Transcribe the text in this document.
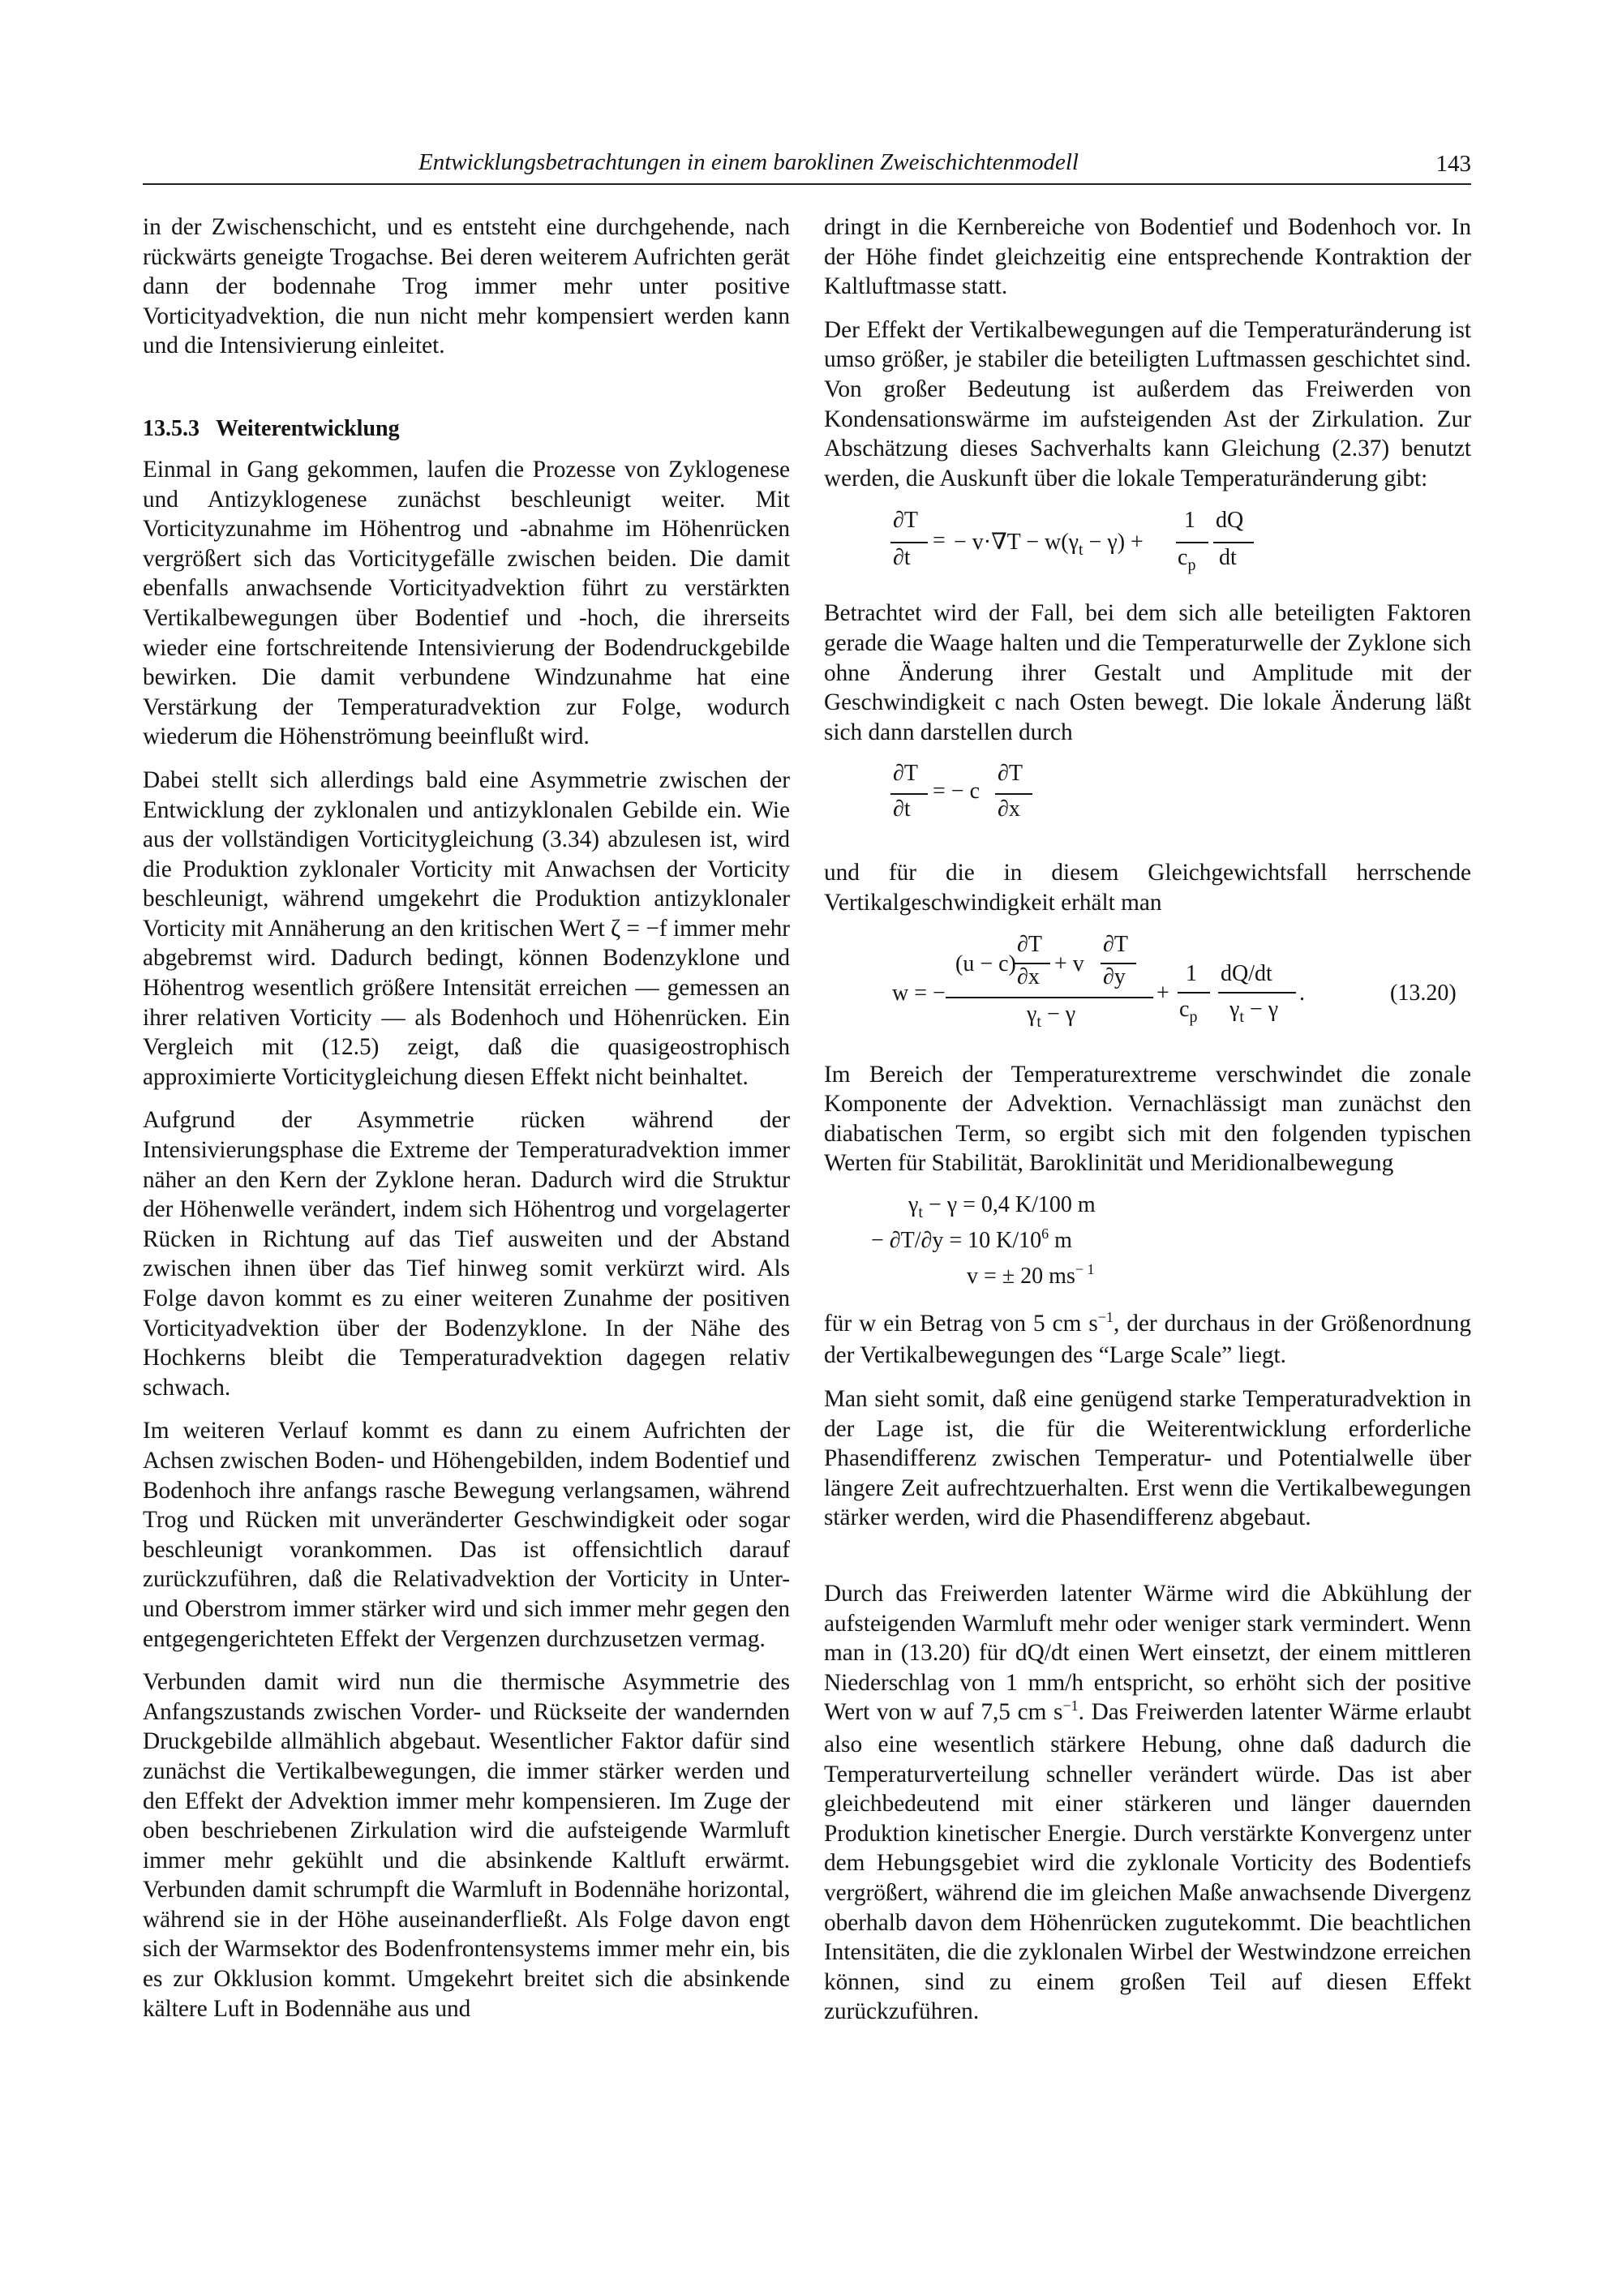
Entwicklungsbetrachtungen in einem baroklinen Zweischichtenmodell	143

in der Zwischenschicht, und es entsteht eine durchgehende, nach rückwärts geneigte Trogachse. Bei deren weiterem Aufrichten gerät dann der bodennahe Trog immer mehr unter positive Vorticityadvektion, die nun nicht mehr kompensiert werden kann und die Intensivierung einleitet.

13.5.3 Weiterentwicklung

Einmal in Gang gekommen, laufen die Prozesse von Zyklogenese und Antizyklogenese zunächst beschleunigt weiter. Mit Vorticityzunahme im Höhentrog und -abnahme im Höhenrücken vergrößert sich das Vorticitygefälle zwischen beiden. Die damit ebenfalls anwachsende Vorticityadvektion führt zu verstärkten Vertikalbewegungen über Bodentief und -hoch, die ihrerseits wieder eine fortschreitende Intensivierung der Bodendruckgebilde bewirken. Die damit verbundene Windzunahme hat eine Verstärkung der Temperaturadvektion zur Folge, wodurch wiederum die Höhenströmung beeinflußt wird.

Dabei stellt sich allerdings bald eine Asymmetrie zwischen der Entwicklung der zyklonalen und antizyklonalen Gebilde ein. Wie aus der vollständigen Vorticitygleichung (3.34) abzulesen ist, wird die Produktion zyklonaler Vorticity mit Anwachsen der Vorticity beschleunigt, während umgekehrt die Produktion antizyklonaler Vorticity mit Annäherung an den kritischen Wert ζ = −f immer mehr abgebremst wird. Dadurch bedingt, können Bodenzyklone und Höhentrog wesentlich größere Intensität erreichen — gemessen an ihrer relativen Vorticity — als Bodenhoch und Höhenrücken. Ein Vergleich mit (12.5) zeigt, daß die quasigeostrophisch approximierte Vorticitygleichung diesen Effekt nicht beinhaltet.

Aufgrund der Asymmetrie rücken während der Intensivierungsphase die Extreme der Temperaturadvektion immer näher an den Kern der Zyklone heran. Dadurch wird die Struktur der Höhenwelle verändert, indem sich Höhentrog und vorgelagerter Rücken in Richtung auf das Tief ausweiten und der Abstand zwischen ihnen über das Tief hinweg somit verkürzt wird. Als Folge davon kommt es zu einer weiteren Zunahme der positiven Vorticityadvektion über der Bodenzyklone. In der Nähe des Hochkerns bleibt die Temperaturadvektion dagegen relativ schwach.

Im weiteren Verlauf kommt es dann zu einem Aufrichten der Achsen zwischen Boden- und Höhengebilden, indem Bodentief und Bodenhoch ihre anfangs rasche Bewegung verlangsamen, während Trog und Rücken mit unveränderter Geschwindigkeit oder sogar beschleunigt vorankommen. Das ist offensichtlich darauf zurückzuführen, daß die Relativadvektion der Vorticity in Unter- und Oberstrom immer stärker wird und sich immer mehr gegen den entgegengerichteten Effekt der Vergenzen durchzusetzen vermag.

Verbunden damit wird nun die thermische Asymmetrie des Anfangszustands zwischen Vorder- und Rückseite der wandernden Druckgebilde allmählich abgebaut. Wesentlicher Faktor dafür sind zunächst die Vertikalbewegungen, die immer stärker werden und den Effekt der Advektion immer mehr kompensieren. Im Zuge der oben beschriebenen Zirkulation wird die aufsteigende Warmluft immer mehr gekühlt und die absinkende Kaltluft erwärmt. Verbunden damit schrumpft die Warmluft in Bodennähe horizontal, während sie in der Höhe auseinanderfließt. Als Folge davon engt sich der Warmsektor des Bodenfrontensystems immer mehr ein, bis es zur Okklusion kommt. Umgekehrt breitet sich die absinkende kältere Luft in Bodennähe aus und

dringt in die Kernbereiche von Bodentief und Bodenhoch vor. In der Höhe findet gleichzeitig eine entsprechende Kontraktion der Kaltluftmasse statt.

Der Effekt der Vertikalbewegungen auf die Temperaturänderung ist umso größer, je stabiler die beteiligten Luftmassen geschichtet sind. Von großer Bedeutung ist außerdem das Freiwerden von Kondensationswärme im aufsteigenden Ast der Zirkulation. Zur Abschätzung dieses Sachverhalts kann Gleichung (2.37) benutzt werden, die Auskunft über die lokale Temperaturänderung gibt:

∂T
∂t
= − $v\cdot\nabla T - w(\gamma_t - \gamma)$ +
1
$c_p$
dQ
dt

Betrachtet wird der Fall, bei dem sich alle beteiligten Faktoren gerade die Waage halten und die Temperaturwelle der Zyklone sich ohne Änderung ihrer Gestalt und Amplitude mit der Geschwindigkeit c nach Osten bewegt. Die lokale Änderung läßt sich dann darstellen durch

∂T
∂t
= − c
∂T
∂x

und für die in diesem Gleichgewichtsfall herrschende Vertikalgeschwindigkeit erhält man

w = −
(u − c)
∂T
∂x
+ v
∂T
∂y
$\gamma_t - \gamma$
+
1
$c_p$
dQ/dt
$\gamma_t - \gamma$
.	(13.20)

Im Bereich der Temperaturextreme verschwindet die zonale Komponente der Advektion. Vernachlässigt man zunächst den diabatischen Term, so ergibt sich mit den folgenden typischen Werten für Stabilität, Baroklinität und Meridionalbewegung

$\gamma_t - \gamma = 0,4$ K/100 m
− ∂T/∂y = 10 $K/10^6$ m
v = ± 20 $ms^{- 1}$

für w ein Betrag von 5 cm $s^{-1}$, der durchaus in der Größenordnung der Vertikalbewegungen des “Large Scale” liegt.

Man sieht somit, daß eine genügend starke Temperaturadvektion in der Lage ist, die für die Weiterentwicklung erforderliche Phasendifferenz zwischen Temperatur- und Potentialwelle über längere Zeit aufrechtzuerhalten. Erst wenn die Vertikalbewegungen stärker werden, wird die Phasendifferenz abgebaut.

Durch das Freiwerden latenter Wärme wird die Abkühlung der aufsteigenden Warmluft mehr oder weniger stark vermindert. Wenn man in (13.20) für dQ/dt einen Wert einsetzt, der einem mittleren Niederschlag von 1 mm/h entspricht, so erhöht sich der positive Wert von w auf 7,5 cm $s^{-1}$. Das Freiwerden latenter Wärme erlaubt also eine wesentlich stärkere Hebung, ohne daß dadurch die Temperaturverteilung schneller verändert würde. Das ist aber gleichbedeutend mit einer stärkeren und länger dauernden Produktion kinetischer Energie. Durch verstärkte Konvergenz unter dem Hebungsgebiet wird die zyklonale Vorticity des Bodentiefs vergrößert, während die im gleichen Maße anwachsende Divergenz oberhalb davon dem Höhenrücken zugutekommt. Die beachtlichen Intensitäten, die die zyklonalen Wirbel der Westwindzone erreichen können, sind zu einem großen Teil auf diesen Effekt zurückzuführen.
